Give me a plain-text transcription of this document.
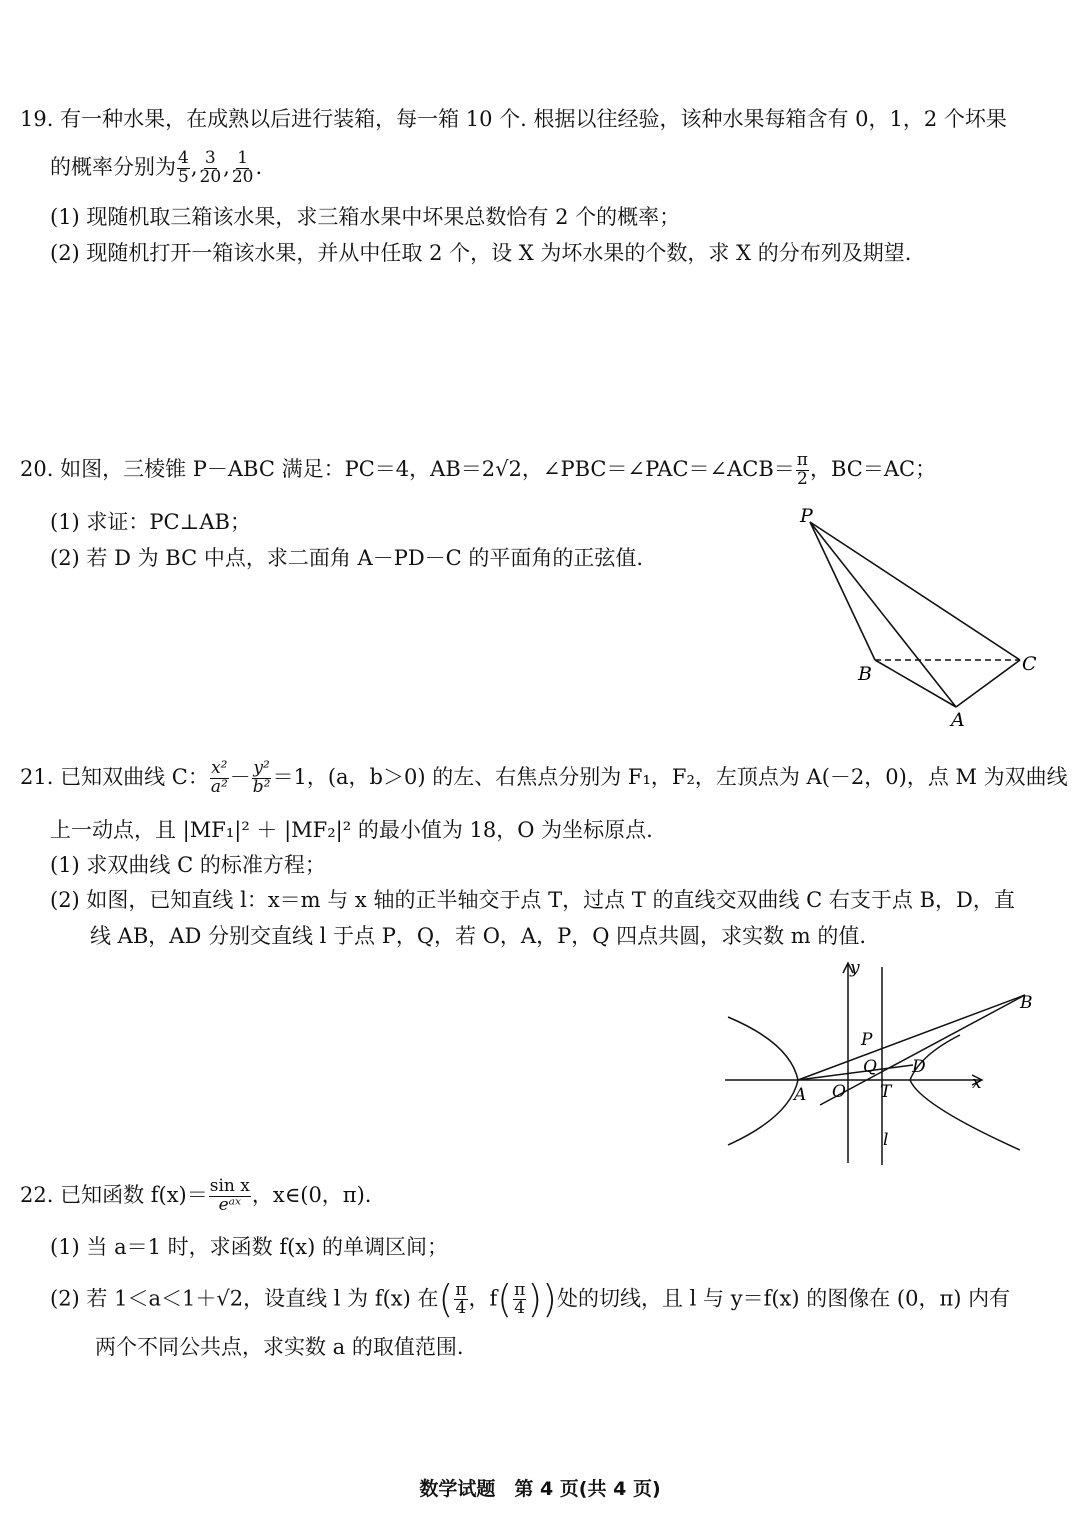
19. 有一种水果，在成熟以后进行装箱，每一箱 10 个. 根据以往经验，该种水果每箱含有 0，1，2 个坏果
的概率分别为 $\frac{4}{5}$ , $\frac{3}{20}$ , $\frac{1}{20}$ .
(1) 现随机取三箱该水果，求三箱水果中坏果总数恰有 2 个的概率；
(2) 现随机打开一箱该水果，并从中任取 2 个，设 X 为坏水果的个数，求 X 的分布列及期望.
20. 如图，三棱锥 P－ABC 满足：PC＝4，AB＝2√2，∠PBC＝∠PAC＝∠ACB＝ $\frac{\pi}{2}$ ，BC＝AC；
(1) 求证：PC⊥AB；
(2) 若 D 为 BC 中点，求二面角 A－PD－C 的平面角的正弦值.
P
B	C
A
21. 已知双曲线 C： $\frac{\text{x²}}{\text{a²}} - \frac{\text{y²}}{\text{b²}} =1$，(a，b＞0) 的左、右焦点分别为 F₁，F₂，左顶点为 A(－2，0)，点 M 为双曲线
上一动点，且 |MF₁|² ＋ |MF₂|² 的最小值为 18，O 为坐标原点.
(1) 求双曲线 C 的标准方程；
(2) 如图，已知直线 l：x＝m 与 x 轴的正半轴交于点 T，过点 T 的直线交双曲线 C 右支于点 B，D，直
线 AB，AD 分别交直线 l 于点 P，Q，若 O，A，P，Q 四点共圆，求实数 m 的值.
y
x
B
P
Q D
A O T
l
22. 已知函数 $f(x)= \frac{\text{sin x}}{\text{eᵃˣ}}$ ，x∈(0，π).
(1) 当 a＝1 时，求函数 f(x) 的单调区间；
(2) 若 1＜a＜1＋√2，设直线 l 为 f(x) 在( $\frac{\pi}{4}$ ，$f( \frac{\pi}{4}$ ))处的切线，且 l 与 y＝f(x) 的图像在 (0，π) 内有
两个不同公共点，求实数 a 的取值范围.
数学试题　第 4 页(共 4 页)
